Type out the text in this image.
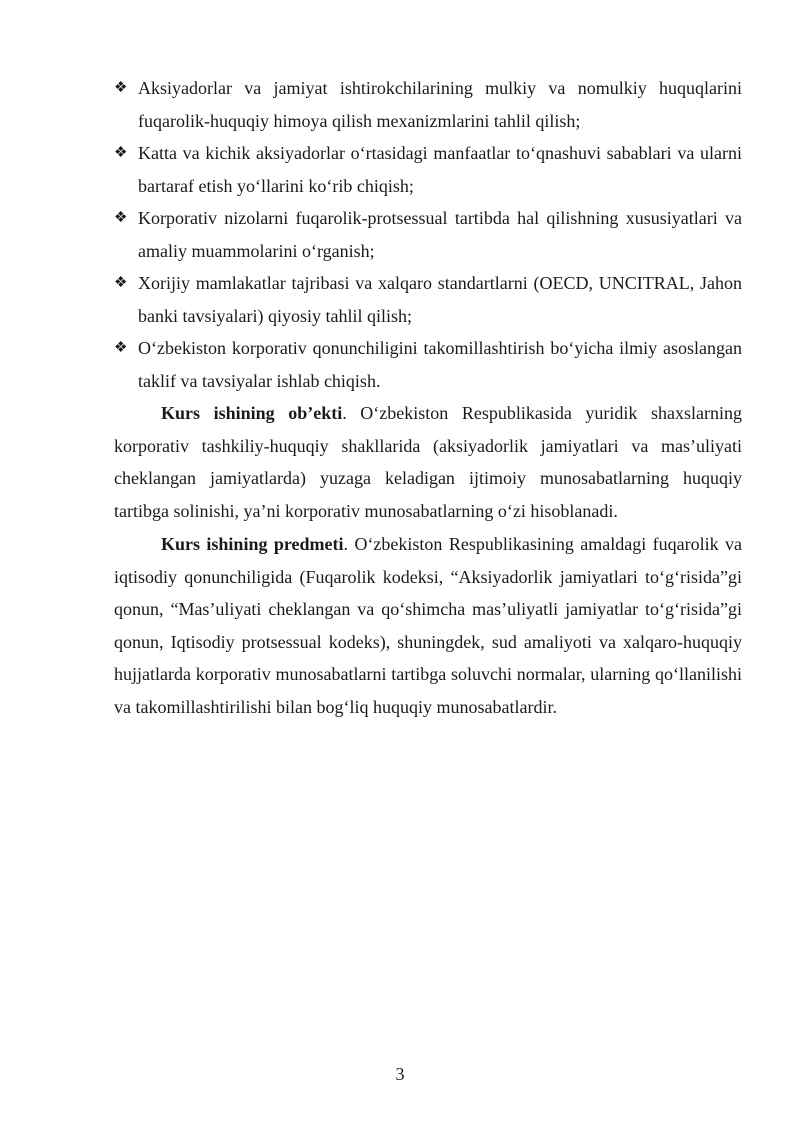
❖ Aksiyadorlar va jamiyat ishtirokchilarining mulkiy va nomulkiy huquqlarini fuqarolik-huquqiy himoya qilish mexanizmlarini tahlil qilish;
❖ Katta va kichik aksiyadorlar o‘rtasidagi manfaatlar to‘qnashuvi sabablari va ularni bartaraf etish yo‘llarini ko‘rib chiqish;
❖ Korporativ nizolarni fuqarolik-protsessual tartibda hal qilishning xususiyatlari va amaliy muammolarini o‘rganish;
❖ Xorijiy mamlakatlar tajribasi va xalqaro standartlarni (OECD, UNCITRAL, Jahon banki tavsiyalari) qiyosiy tahlil qilish;
❖ O‘zbekiston korporativ qonunchiligini takomillashtirish bo‘yicha ilmiy asoslangan taklif va tavsiyalar ishlab chiqish.

Kurs ishining ob’ekti. O‘zbekiston Respublikasida yuridik shaxslarning korporativ tashkiliy-huquqiy shakllarida (aksiyadorlik jamiyatlari va mas’uliyati cheklangan jamiyatlarda) yuzaga keladigan ijtimoiy munosabatlarning huquqiy tartibga solinishi, ya’ni korporativ munosabatlarning o‘zi hisoblanadi.

Kurs ishining predmeti. O‘zbekiston Respublikasining amaldagi fuqarolik va iqtisodiy qonunchiligida (Fuqarolik kodeksi, “Aksiyadorlik jamiyatlari to‘g‘risida”gi qonun, “Mas’uliyati cheklangan va qo‘shimcha mas’uliyatli jamiyatlar to‘g‘risida”gi qonun, Iqtisodiy protsessual kodeks), shuningdek, sud amaliyoti va xalqaro-huquqiy hujjatlarda korporativ munosabatlarni tartibga soluvchi normalar, ularning qo‘llanilishi va takomillashtirilishi bilan bog‘liq huquqiy munosabatlardir.

3
